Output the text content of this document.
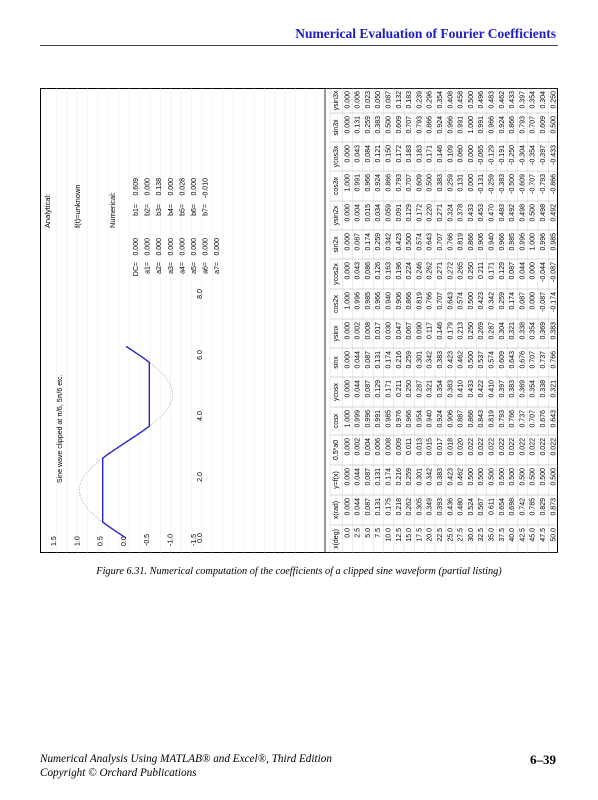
Numerical Evaluation of Fourier Coefficients
x(deg)
x(rad)
y=f(x)
0.5*a0
cosx
ycosx
sinx
ysinx
cos2x
ycos2x
sin2x
ysin2x
cos3x
ycos3x
sin3x
ysin3x
0.0
0.000
0.000
0.000
1.000
0.000
0.000
0.000
1.000
0.000
0.000
0.000
1.000
0.000
0.000
0.000
2.5
0.044
0.044
0.002
0.999
0.044
0.044
0.002
0.996
0.043
0.087
0.004
0.991
0.043
0.131
0.006
5.0
0.087
0.087
0.004
0.996
0.087
0.087
0.008
0.985
0.086
0.174
0.015
0.966
0.084
0.259
0.023
7.5
0.131
0.131
0.006
0.991
0.129
0.131
0.017
0.966
0.126
0.259
0.034
0.924
0.121
0.383
0.050
10.0
0.175
0.174
0.008
0.985
0.171
0.174
0.030
0.940
0.163
0.342
0.059
0.866
0.150
0.500
0.087
12.5
0.218
0.216
0.009
0.976
0.211
0.216
0.047
0.906
0.196
0.423
0.091
0.793
0.172
0.609
0.132
15.0
0.262
0.259
0.011
0.966
0.250
0.259
0.067
0.866
0.224
0.500
0.129
0.707
0.183
0.707
0.183
17.5
0.305
0.301
0.013
0.954
0.287
0.301
0.090
0.819
0.246
0.574
0.172
0.609
0.183
0.793
0.239
20.0
0.349
0.342
0.015
0.940
0.321
0.342
0.117
0.766
0.262
0.643
0.220
0.500
0.171
0.866
0.296
22.5
0.393
0.383
0.017
0.924
0.354
0.383
0.146
0.707
0.271
0.707
0.271
0.383
0.146
0.924
0.354
25.0
0.436
0.423
0.018
0.906
0.383
0.423
0.179
0.643
0.272
0.766
0.324
0.259
0.109
0.966
0.408
27.5
0.480
0.462
0.020
0.887
0.410
0.462
0.213
0.574
0.265
0.819
0.378
0.131
0.060
0.991
0.458
30.0
0.524
0.500
0.022
0.866
0.433
0.500
0.250
0.500
0.250
0.866
0.433
0.000
0.000
1.000
0.500
32.5
0.567
0.500
0.022
0.843
0.422
0.537
0.269
0.423
0.211
0.906
0.453
-0.131
-0.065
0.991
0.496
35.0
0.611
0.500
0.022
0.819
0.410
0.574
0.287
0.342
0.171
0.940
0.470
-0.259
-0.129
0.966
0.483
37.5
0.654
0.500
0.022
0.793
0.397
0.609
0.304
0.259
0.129
0.966
0.483
-0.383
-0.191
0.924
0.462
40.0
0.698
0.500
0.022
0.766
0.383
0.643
0.321
0.174
0.087
0.985
0.492
-0.500
-0.250
0.866
0.433
42.5
0.742
0.500
0.022
0.737
0.369
0.676
0.338
0.087
0.044
0.996
0.498
-0.609
-0.304
0.793
0.397
45.0
0.785
0.500
0.022
0.707
0.354
0.707
0.354
0.000
0.000
1.000
0.500
-0.707
-0.354
0.707
0.354
47.5
0.829
0.500
0.022
0.676
0.338
0.737
0.369
-0.087
-0.044
0.996
0.498
-0.793
-0.397
0.609
0.304
50.0
0.873
0.500
0.022
0.643
0.321
0.766
0.383
-0.174
-0.087
0.985
0.492
-0.866
-0.433
0.500
0.250
1.5 1.0 0.5 0.0 -0.5 -1.0 -1.5 0.0
2.0
4.0
6.0
8.0
Sine wave clipped at π/6, 5π/6 etc.
Analytical:	f(t)=unknown	Numerical:
DC=
0.000
a1=
0.000
a2=
0.000
a3=
0.000
a4=
0.000
a5=
0.000
a6=
0.000
a7=
0.000
b1=
0.609
b2=
0.000
b3=
0.138
b4=
0.000
b5=
0.028
b6=
0.000
b7=
-0.010
Figure 6.31. Numerical computation of the coefficients of a clipped sine waveform (partial listing)
Numerical Analysis Using MATLAB® and Excel®, Third Edition
Copyright © Orchard Publications
6–39
